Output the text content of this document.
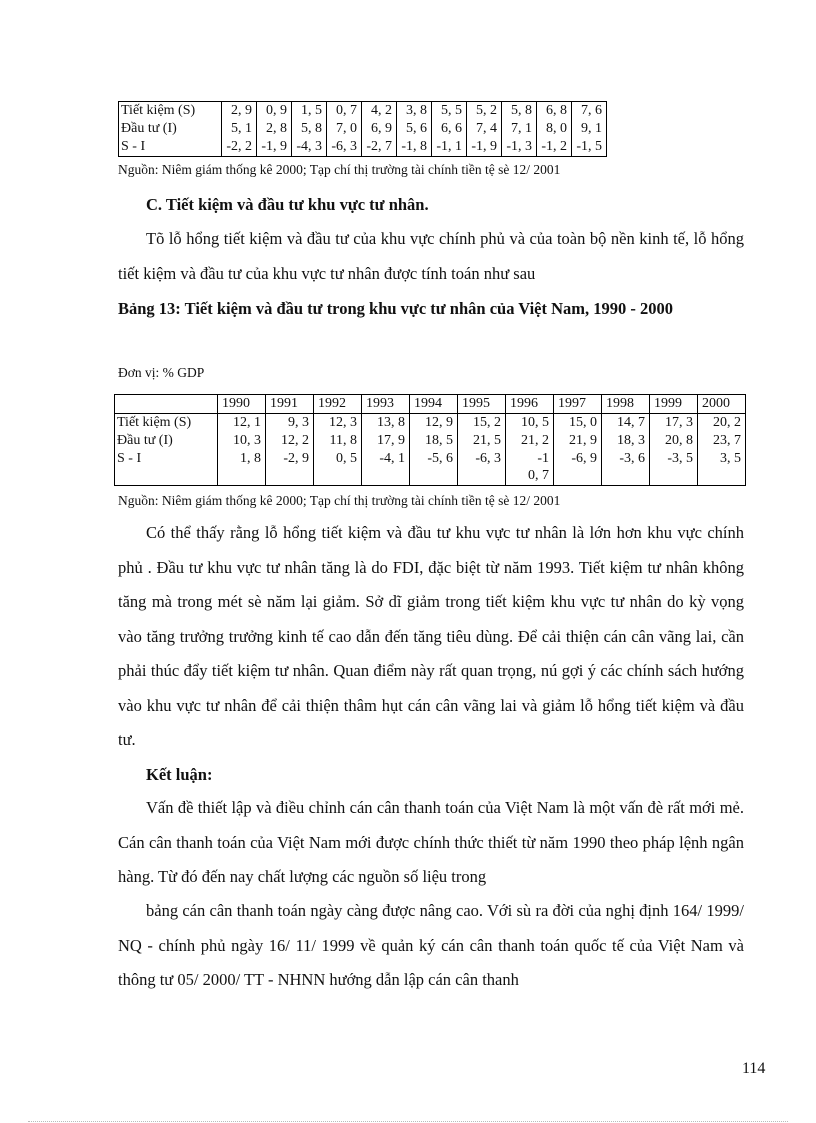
Tiết kiệm (S)	2, 9	0, 9	1, 5	0, 7	4, 2	3, 8	5, 5	5, 2	5, 8	6, 8	7, 6
Đầu tư (I)	5, 1	2, 8	5, 8	7, 0	6, 9	5, 6	6, 6	7, 4	7, 1	8, 0	9, 1
S - I	-2, 2	-1, 9	-4, 3	-6, 3	-2, 7	-1, 8	-1, 1	-1, 9	-1, 3	-1, 2	-1, 5
Nguồn: Niêm giám thống kê 2000; Tạp chí thị trường tài chính tiền tệ sè 12/ 2001
C. Tiết kiệm và đầu tư khu vực tư nhân.
Tõ lỗ hổng tiết kiệm và đầu tư của khu vực chính phủ và của toàn bộ nền kinh tế, lỗ hổng tiết kiệm và đầu tư của khu vực tư nhân được tính toán như sau
Bảng 13: Tiết kiệm và đầu tư trong khu vực tư nhân của Việt Nam, 1990 - 2000
Đơn vị: % GDP
	1990	1991	1992	1993	1994	1995	1996	1997	1998	1999	2000
Tiết kiệm (S)	12, 1	9, 3	12, 3	13, 8	12, 9	15, 2	10, 5	15, 0	14, 7	17, 3	20, 2
Đầu tư (I)	10, 3	12, 2	11, 8	17, 9	18, 5	21, 5	21, 2	21, 9	18, 3	20, 8	23, 7
S - I	1, 8	-2, 9	0, 5	-4, 1	-5, 6	-6, 3	-10, 7	-6, 9	-3, 6	-3, 5	3, 5
Nguồn: Niêm giám thống kê 2000; Tạp chí thị trường tài chính tiền tệ sè 12/ 2001
Có thể thấy rằng lỗ hổng tiết kiệm và đầu tư khu vực tư nhân là lớn hơn khu vực chính phủ . Đầu tư khu vực tư nhân tăng là do FDI, đặc biệt từ năm 1993. Tiết kiệm tư nhân không tăng mà trong mét sè năm lại giảm. Sở dĩ giảm trong tiết kiệm khu vực tư nhân do kỳ vọng vào tăng trưởng trưởng kinh tế cao dẫn đến tăng tiêu dùng. Để cải thiện cán cân vãng lai, cần phải thúc đẩy tiết kiệm tư nhân. Quan điểm này rất quan trọng, nú gợi ý các chính sách hướng vào khu vực tư nhân để cải thiện thâm hụt cán cân vãng lai và giảm lỗ hổng tiết kiệm và đầu tư.
Kết luận:
Vấn đề thiết lập và điều chỉnh cán cân thanh toán của Việt Nam là một vấn đè rất mới mẻ. Cán cân thanh toán của Việt Nam mới được chính thức thiết từ năm 1990 theo pháp lệnh ngân hàng. Từ đó đến nay chất lượng các nguồn số liệu trong
bảng cán cân thanh toán ngày càng được nâng cao. Với sù ra đời của nghị định 164/ 1999/ NQ - chính phủ ngày 16/ 11/ 1999 về quản ký cán cân thanh toán quốc tế của Việt Nam và thông tư 05/ 2000/ TT - NHNN hướng dẫn lập cán cân thanh
114
